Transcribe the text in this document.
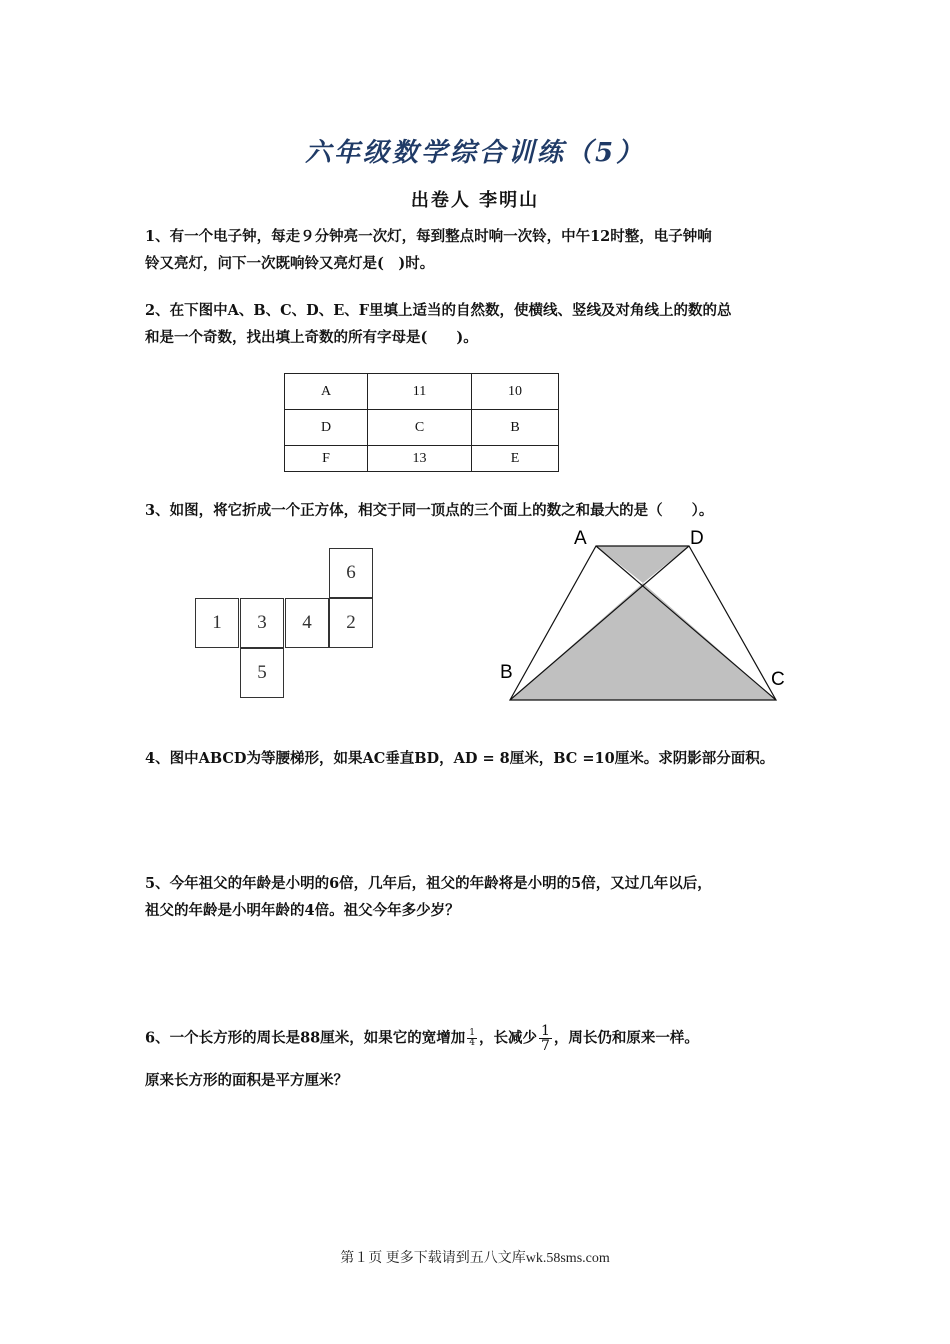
六年级数学综合训练（5）
出卷人 李明山

1、有一个电子钟，每走９分钟亮一次灯，每到整点时响一次铃，中午12时整，电子钟响

铃又亮灯，问下一次既响铃又亮灯是(　)时。

2、在下图中A、B、C、D、E、F里填上适当的自然数，使横线、竖线及对角线上的数的总

和是一个奇数，找出填上奇数的所有字母是(　　)。

A	11	10
D	C	B
F	13	E

3、如图，将它折成一个正方体，相交于同一顶点的三个面上的数之和最大的是（　　）。

6
1	3	4	2
5
A	D
B	C

4、图中ABCD为等腰梯形，如果AC垂直BD，AD = 8厘米，BC =10厘米。求阴影部分面积。

5、今年祖父的年龄是小明的6倍，几年后，祖父的年龄将是小明的5倍，又过几年以后，

祖父的年龄是小明年龄的4倍。祖父今年多少岁？

6、一个长方形的周长是88厘米，如果它的宽增加 $\frac{1}{4}$ ，长减少 $\frac{1}{7}$ ，周长仍和原来一样。

原来长方形的面积是平方厘米？

第１页 更多下载请到五八文库wk.58sms.com
